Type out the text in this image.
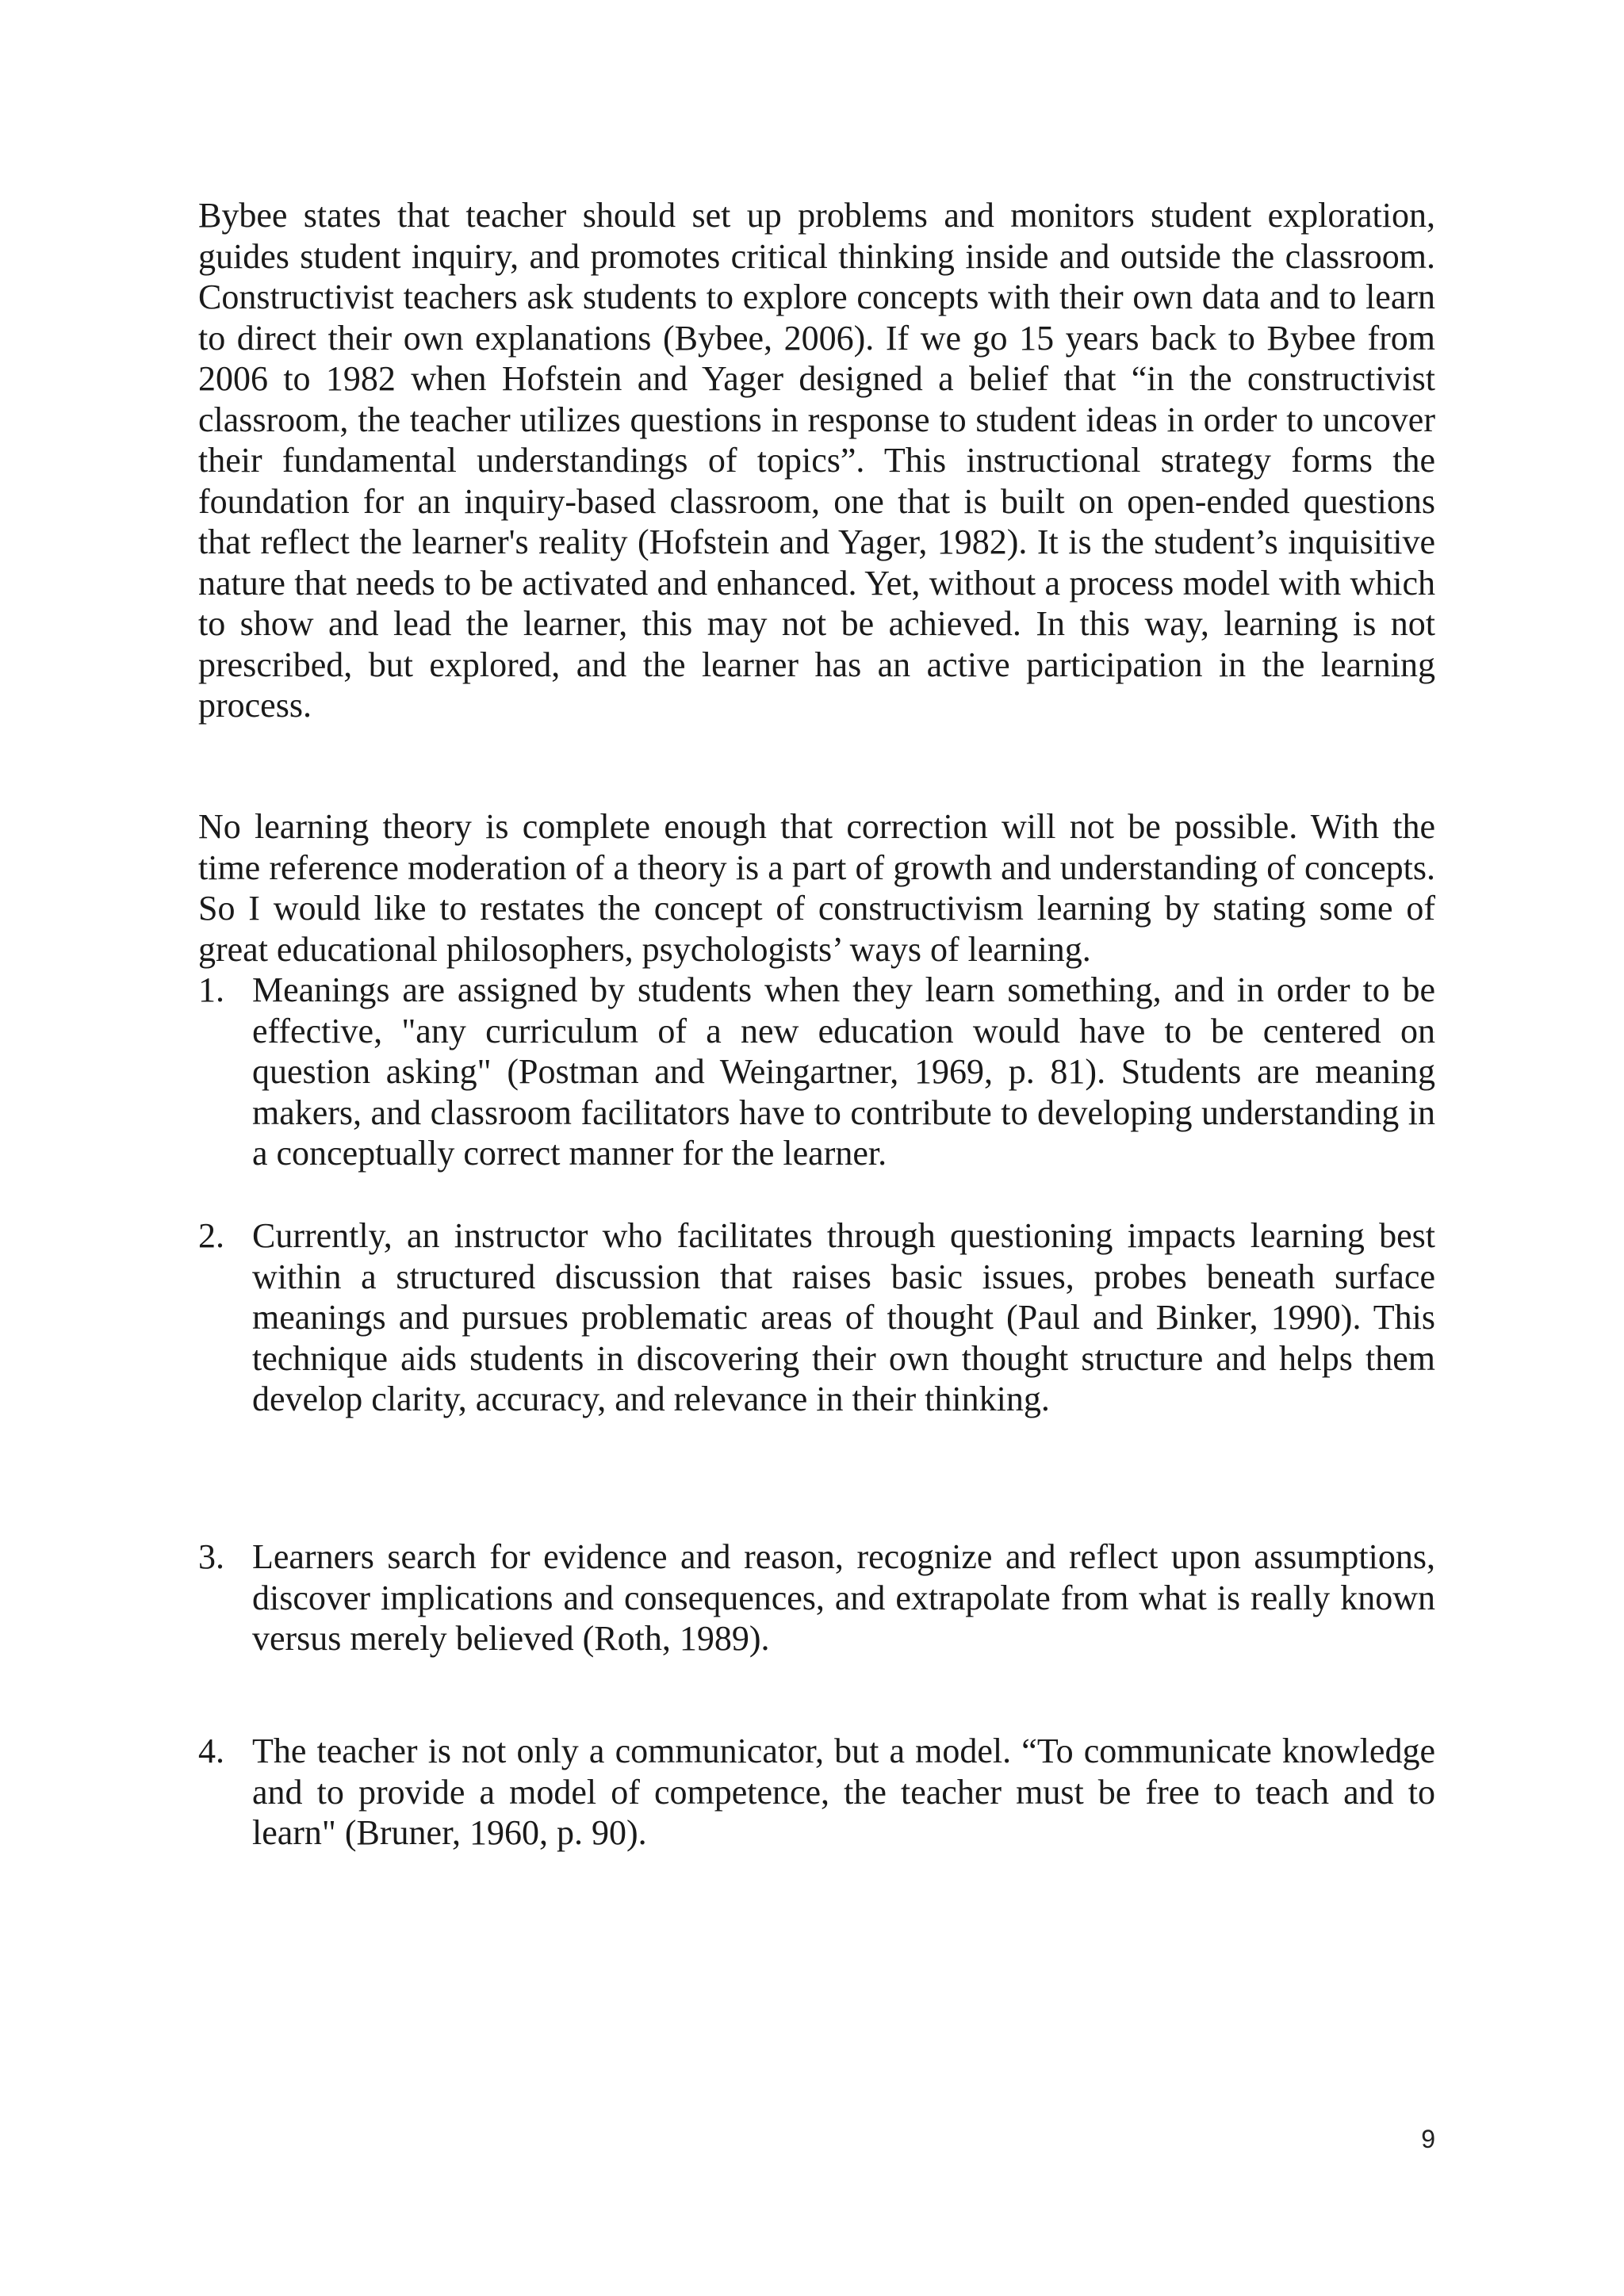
Bybee states that teacher should set up problems and monitors student exploration, guides student inquiry, and promotes critical thinking inside and outside the classroom. Constructivist teachers ask students to explore concepts with their own data and to learn to direct their own explanations (Bybee, 2006). If we go 15 years back to Bybee from 2006 to 1982 when Hofstein and Yager designed a belief that “in the constructivist classroom, the teacher utilizes questions in response to student ideas in order to uncover their fundamental understandings of topics”. This instructional strategy forms the foundation for an inquiry-based classroom, one that is built on open-ended questions that reflect the learner's reality (Hofstein and Yager, 1982). It is the student’s inquisitive nature that needs to be activated and enhanced. Yet, without a process model with which to show and lead the learner, this may not be achieved. In this way, learning is not prescribed, but explored, and the learner has an active participation in the learning process.

No learning theory is complete enough that correction will not be possible. With the time reference moderation of a theory is a part of growth and understanding of concepts. So I would like to restates the concept of constructivism learning by stating some of great educational philosophers, psychologists’ ways of learning.

1. Meanings are assigned by students when they learn something, and in order to be effective, "any curriculum of a new education would have to be centered on question asking" (Postman and Weingartner, 1969, p. 81). Students are meaning makers, and classroom facilitators have to contribute to developing understanding in a conceptually correct manner for the learner.
2. Currently, an instructor who facilitates through questioning impacts learning best within a structured discussion that raises basic issues, probes beneath surface meanings and pursues problematic areas of thought (Paul and Binker, 1990). This technique aids students in discovering their own thought structure and helps them develop clarity, accuracy, and relevance in their thinking.
3. Learners search for evidence and reason, recognize and reflect upon assumptions, discover implications and consequences, and extrapolate from what is really known versus merely believed (Roth, 1989).
4. The teacher is not only a communicator, but a model. “To communicate knowledge and to provide a model of competence, the teacher must be free to teach and to learn" (Bruner, 1960, p. 90).
9
